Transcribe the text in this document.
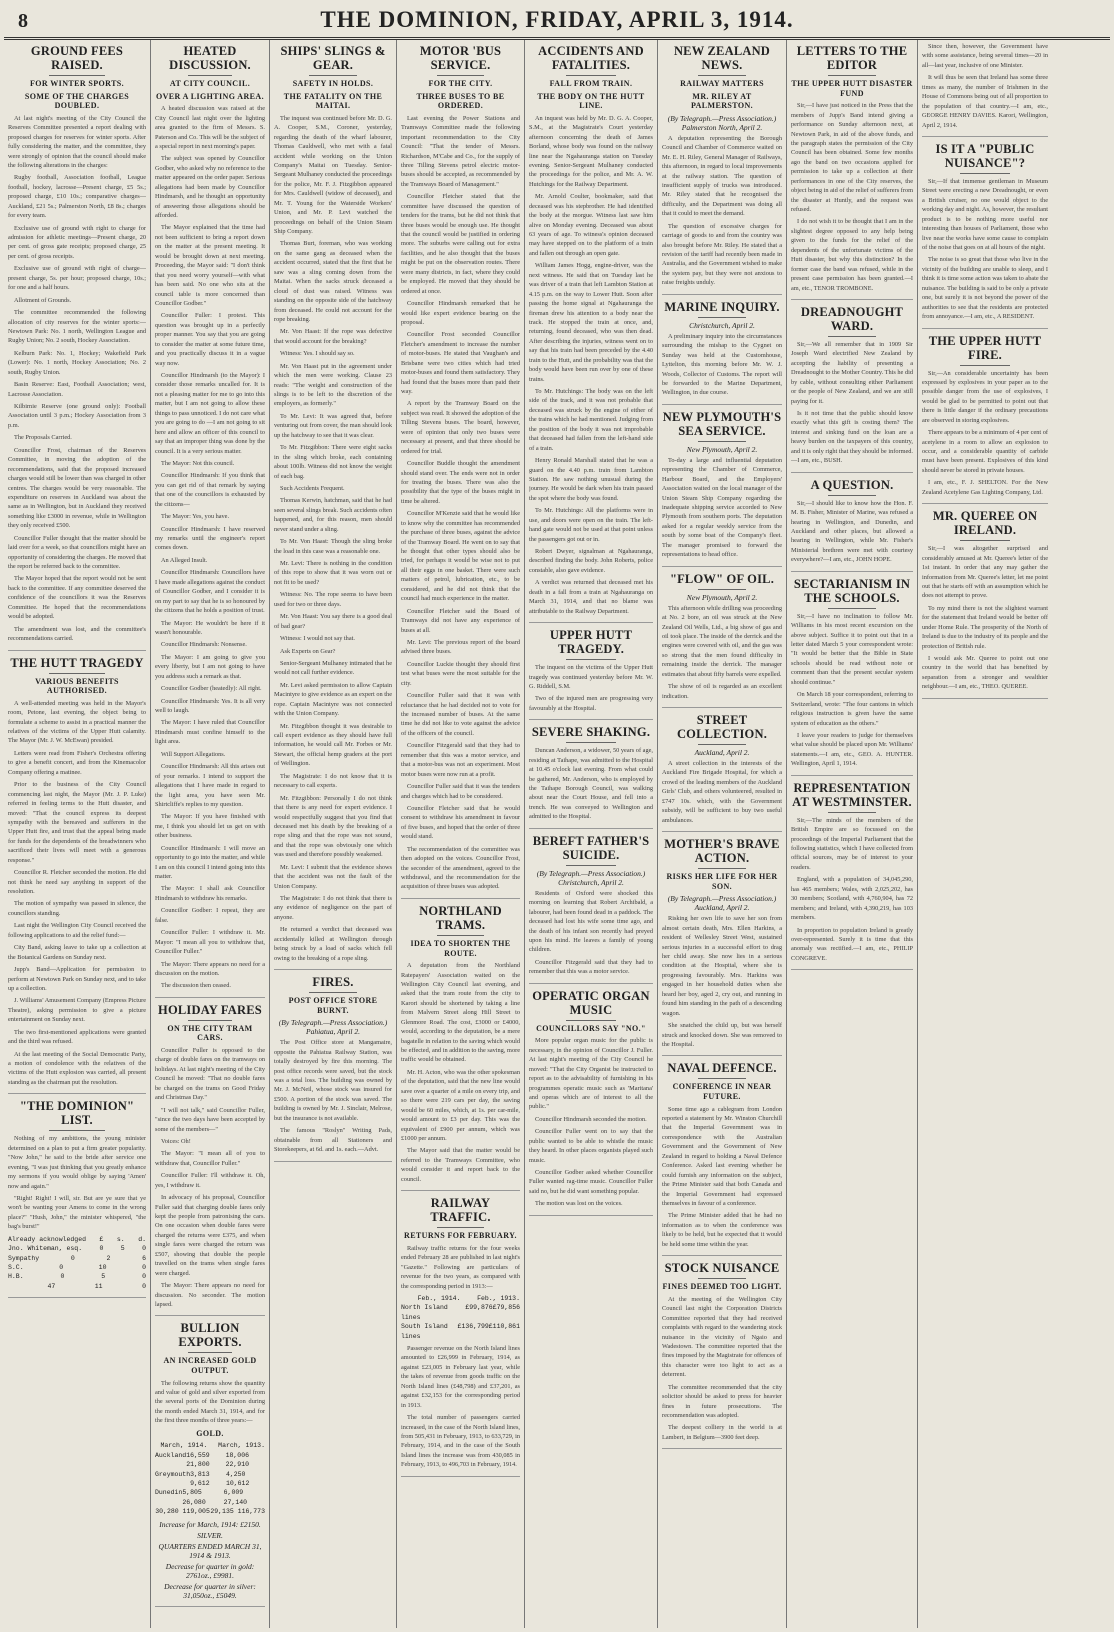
8	THE DOMINION, FRIDAY, APRIL 3, 1914.
GROUND FEES RAISED.
FOR WINTER SPORTS.
SOME OF THE CHARGES DOUBLED.

At last night's meeting of the City Council the Reserves Committee presented a report dealing with proposed charges for reserves for winter sports. After fully considering the matter, and the committee, they were strongly of opinion that the council should make the following alterations in the charges:

Rugby football, Association football, League football, hockey, lacrosse—Present charge, £5 5s.; proposed charge, £10 10s.; comparative charges—Auckland, £21 5s.; Palmerston North, £8 8s.; charges for every team.

Exclusive use of ground with right to charge for admission for athletic meetings—Present charge, 20 per cent. of gross gate receipts; proposed charge, 25 per cent. of gross receipts.

Exclusive use of ground with right of charge—present charge, 5s. per hour; proposed charge, 10s.; for one and a half hours.

Allotment of Grounds.

The committee recommended the following allocation of city reserves for the winter sports:—Newtown Park: No. 1 north, Wellington League and Rugby Union; No. 2 south, Hockey Association.

Kelburn Park: No. 1, Hockey; Wakefield Park (Lower): No. 1 north, Hockey Association; No. 2 south, Rugby Union.

Basin Reserve: East, Football Association; west, Lacrosse Association.

Kilbirnie Reserve (one ground only): Football Association until 3 p.m.; Hockey Association from 3 p.m.

The Proposals Carried.

Councillor Frost, chairman of the Reserves Committee, in moving the adoption of the recommendations, said that the proposed increased charges would still be lower than was charged in other centres. The charges would be very reasonable. The expenditure on reserves in Auckland was about the same as in Wellington, but in Auckland they received something like £3000 in revenue, while in Wellington they only received £500.

Councillor Fuller thought that the matter should be laid over for a week, so that councillors might have an opportunity of considering the charges. He moved that the report be referred back to the committee.

The Mayor hoped that the report would not be sent back to the committee. If any committee deserved the confidence of the councillors it was the Reserves Committee. He hoped that the recommendations would be adopted.

The amendment was lost, and the committee's recommendations carried.

THE HUTT TRAGEDY
VARIOUS BENEFITS AUTHORISED.

A well-attended meeting was held in the Mayor's room, Petone, last evening, the object being to formulate a scheme to assist in a practical manner the relatives of the victims of the Upper Hutt calamity. The Mayor (Mr. J. W. McEwan) presided.

Letters were read from Fisher's Orchestra offering to give a benefit concert, and from the Kinemacolor Company offering a matinee.

Prior to the business of the City Council commencing last night, the Mayor (Mr. J. P. Luke) referred in feeling terms to the Hutt disaster, and moved: "That the council express its deepest sympathy with the bereaved and sufferers in the Upper Hutt fire, and trust that the appeal being made for funds for the dependents of the breadwinners who sacrificed their lives will meet with a generous response."

Councillor R. Fletcher seconded the motion. He did not think he need say anything in support of the resolution.

The motion of sympathy was passed in silence, the councillors standing.

Last night the Wellington City Council received the following applications to aid the relief fund:—

City Band, asking leave to take up a collection at the Botanical Gardens on Sunday next.

Jupp's Band—Application for permission to perform at Newtown Park on Sunday next, and to take up a collection.

J. Williams' Amusement Company (Empress Picture Theatre), asking permission to give a picture entertainment on Sunday next.

The two first-mentioned applications were granted and the third was refused.

At the last meeting of the Social Democratic Party, a motion of condolence with the relatives of the victims of the Hutt explosion was carried, all present standing as the chairman put the resolution.

"THE DOMINION" LIST.

Nothing of my ambitions, the young minister determined on a plan to put a firm greater popularity. "Now John," he said to the bride after service one evening, "I was just thinking that you greatly enhance my sermons if you would oblige by saying 'Amen' now and again."

"Right! Right! I will, sir. But are ye sure that ye won't be wanting your Amens to come in the wrong place?" "Hush, John," the minister whispered, "the bag's burst!"

Already acknowledged £ s. d.
Jno. Whiteman, esq.	0	5	0
Sympathy	0	2	6
S.C.	0	10	0
H.B.	0	5	0
47	11	0
HEATED DISCUSSION.
AT CITY COUNCIL.
OVER A LIGHTING AREA.

A heated discussion was raised at the City Council last night over the lighting area granted to the firm of Messrs. S. Paterson and Co. This will be the subject of a special report in next morning's paper.

The subject was opened by Councillor Godber, who asked why no reference to the matter appeared on the order paper. Serious allegations had been made by Councillor Hindmarsh, and he thought an opportunity of answering those allegations should be afforded.

The Mayor explained that the time had not been sufficient to bring a report down on the matter at the present meeting. It would be brought down at next meeting. Proceeding, the Mayor said: "I don't think that you need worry yourself—with what has been said. No one who sits at the council table is more concerned than Councillor Godber."

Councillor Fuller: I protest. This question was brought up in a perfectly proper manner. You say that you are going to consider the matter at some future time, and you practically discuss it in a vague way now.

Councillor Hindmarsh (to the Mayor): I consider those remarks uncalled for. It is not a pleasing matter for me to go into this matter, but I am not going to allow these things to pass unnoticed. I do not care what you are going to do —I am not going to sit here and allow an officer of this council to say that an improper thing was done by the council. It is a very serious matter.

The Mayor: Not this council.

Councillor Hindmarsh: If you think that you can get rid of that remark by saying that one of the councillors is exhausted by the citizens—

The Mayor: Yes, you have.

Councillor Hindmarsh: I have reserved my remarks until the engineer's report comes down.

An Alleged Insult.

Councillor Hindmarsh: Councillors have I have made allegations against the conduct of Councillor Godber, and I consider it is on my part to say that he is so honoured by the citizens that he holds a position of trust.

The Mayor: He wouldn't be here if it wasn't honourable.

Councillor Hindmarsh: Nonsense.

The Mayor: I am going to give you every liberty, but I am not going to have you address such a remark as that.

Councillor Godber (heatedly): All right.

Councillor Hindmarsh: Yes. It is all very well to laugh.

The Mayor: I have ruled that Councillor Hindmarsh must confine himself to the light area.

Will Support Allegations.

Councillor Hindmarsh: All this arises out of your remarks. I intend to support the allegations that I have made in regard to the light area, you have seen Mr. Shirtcliffe's replies to my question.

The Mayor: If you have finished with me, I think you should let us get on with other business.

Councillor Hindmarsh: I will move an opportunity to go into the matter, and while I am on this council I intend going into this matter.

The Mayor: I shall ask Councillor Hindmarsh to withdraw his remarks.

Councillor Godber: I repeat, they are false.

Councillor Fuller: I withdraw it. Mr. Mayor: "I mean all you to withdraw that, Councillor Fuller."

The Mayor: There appears no need for a discussion on the motion.

The discussion then ceased.

HOLIDAY FARES
ON THE CITY TRAM CARS.

Councillor Fuller is opposed to the charge of double fares on the tramways on holidays. At last night's meeting of the City Council he moved: "That no double fares be charged on the trams on Good Friday and Christmas Day."

"I will not talk," said Councillor Fuller, "since the two days have been accepted by some of the members—"

Voices: Oh!

The Mayor: "I mean all of you to withdraw that, Councillor Fuller."

Councillor Fuller: I'll withdraw it. Oh, yes, I withdraw it.

In advocacy of his proposal, Councillor Fuller said that charging double fares only kept the people from patronising the cars. On one occasion when double fares were charged the returns were £375, and when single fares were charged the return was £507, showing that double the people travelled on the trams when single fares were charged.

The Mayor: There appears no need for discussion. No seconder. The motion lapsed.

BULLION EXPORTS.
AN INCREASED GOLD OUTPUT.

The following returns show the quantity and value of gold and silver exported from the several ports of the Dominion during the month ended March 31, 1914, and for the first three months of three years:—

GOLD.
March, 1914. March, 1913.
Auckland 16,559 21,800
18,006 22,910
Greymouth 3,813 9,612
4,250 10,612
Dunedin 5,805 26,080
6,009 27,140
30,280 119,005 29,135 116,773
Increase for March, 1914: £2150.
SILVER.
QUARTERS ENDED MARCH 31, 1914 & 1913.
Decrease for quarter in gold: 2761oz., £9981.
Decrease for quarter in silver: 31,050oz., £5049.
SHIPS' SLINGS & GEAR.
SAFETY IN HOLDS.
THE FATALITY ON THE MAITAI.

The inquest was continued before Mr. D. G. A. Cooper, S.M., Coroner, yesterday, regarding the death of the wharf labourer, Thomas Cauldwell, who met with a fatal accident while working on the Union Company's Maitai on Tuesday. Senior-Sergeant Mulhaney conducted the proceedings for the police, Mr. F. J. Fitzgibbon appeared for Mrs. Cauldwell (widow of deceased), and Mr. T. Young for the Waterside Workers' Union, and Mr. P. Levi watched the proceedings on behalf of the Union Steam Ship Company.

Thomas Burt, foreman, who was working on the same gang as deceased when the accident occurred, stated that the first that he saw was a sling coming down from the Maitai. When the sacks struck deceased a cloud of dust was raised. Witness was standing on the opposite side of the hatchway from deceased. He could not account for the rope breaking.

Mr. Von Haast: If the rope was defective that would account for the breaking?

Witness: Yes. I should say so.

Mr. Von Haast put in the agreement under which the men were working. Clause 23 reads: "The weight and construction of the slings is to be left to the discretion of the employers, as formerly."

To Mr. Levi: It was agreed that, before venturing out from cover, the man should look up the hatchway to see that it was clear.

To Mr. Fitzgibbon: There were eight sacks in the sling which broke, each containing about 100lb. Witness did not know the weight of each bag.

Such Accidents Frequent.

Thomas Kerwin, hatchman, said that he had seen several slings break. Such accidents often happened, and, for this reason, men should never stand under a sling.

To Mr. Von Haast: Though the sling broke the load in this case was a reasonable one.

Mr. Levi: There is nothing in the condition of this rope to show that it was worn out or not fit to be used?

Witness: No. The rope seems to have been used for two or three days.

Mr. Von Haast: You say there is a good deal of bad gear?

Witness: I would not say that.

Ask Experts on Gear?

Senior-Sergeant Mulhaney intimated that he would not call further evidence.

Mr. Levi asked permission to allow Captain Macintyre to give evidence as an expert on the rope. Captain Macintyre was not connected with the Union Company.

Mr. Fitzgibbon thought it was desirable to call expert evidence as they should have full information, he would call Mr. Forbes or Mr. Stewart, the official hemp graders at the port of Wellington.

The Magistrate: I do not know that it is necessary to call experts.

Mr. Fitzgibbon: Personally I do not think that there is any need for expert evidence. I would respectfully suggest that you find that deceased met his death by the breaking of a rope sling and that the rope was not sound, and that the rope was obviously one which was used and therefore possibly weakened.

Mr. Levi: I submit that the evidence shows that the accident was not the fault of the Union Company.

The Magistrate: I do not think that there is any evidence of negligence on the part of anyone.

He returned a verdict that deceased was accidentally killed at Wellington through being struck by a load of sacks which fell owing to the breaking of a rope sling.

FIRES.
POST OFFICE STORE BURNT.
(By Telegraph.—Press Association.) Pahiatua, April 2.

The Post Office store at Mangamaire, opposite the Pahiatua Railway Station, was totally destroyed by fire this morning. The post office records were saved, but the stock was a total loss. The building was owned by Mr. J. McNeil, whose stock was insured for £500. A portion of the stock was saved. The building is owned by Mr. J. Sinclair, Melrose, but the insurance is not available.

The famous "Roslyn" Writing Pads, obtainable from all Stationers and Storekeepers, at 6d. and 1s. each.—Advt.

MOTOR 'BUS SERVICE.
FOR THE CITY.
THREE BUSES TO BE ORDERED.

Last evening the Power Stations and Tramways Committee made the following important recommendation to the City Council: "That the tender of Messrs. Richardson, M'Cabe and Co., for the supply of three Tilling Stevens petrol electric motor-buses should be accepted, as recommended by the Tramways Board of Management."

Councillor Fletcher stated that the committee have discussed the question of tenders for the trams, but he did not think that three buses would be enough use. He thought that the council would be justified in ordering more. The suburbs were calling out for extra facilities, and he also thought that the buses might be put on the observation routes. There were many districts, in fact, where they could be employed. He moved that they should be ordered at once.

Councillor Hindmarsh remarked that he would like expert evidence bearing on the proposal.

Councillor Frost seconded Councillor Fletcher's amendment to increase the number of motor-buses. He stated that Vaughan's and Brisbane were two cities which had tried motor-buses and found them satisfactory. They had found that the buses more than paid their way.

A report by the Tramway Board on the subject was read. It showed the adoption of the Tilling Stevens buses. The board, however, were of opinion that only two buses were necessary at present, and that three should be ordered for trial.

Councillor Buddle thought the amendment should stand over. The ends were not in order for treating the buses. There was also the possibility that the type of the buses might in time be altered.

Councillor M'Kenzie said that he would like to know why the committee has recommended the purchase of three buses, against the advice of the Tramway Board. He went on to say that he thought that other types should also be tried, for perhaps it would be wise not to put all their eggs in one basket. There were such matters of petrol, lubrication, etc., to be considered, and he did not think that the council had much experience in the matter.

Councillor Fletcher said the Board of Tramways did not have any experience of buses at all.

Mr. Levi: The previous report of the board advised three buses.

Councillor Luckie thought they should first test what buses were the most suitable for the city.

Councillor Fuller said that it was with reluctance that he had decided not to vote for the increased number of buses. At the same time he did not like to vote against the advice of the officers of the council.

Councillor Fitzgerald said that they had to remember that this was a motor service, and that a motor-bus was not an experiment. Most motor buses were now run at a profit.

Councillor Fuller said that it was the tenders and charges which had to be considered.

Councillor Fletcher said that he would consent to withdraw his amendment in favour of five buses, and hoped that the order of three would stand.

The recommendation of the committee was then adopted on the voices. Councillor Frost, the seconder of the amendment, agreed to the withdrawal, and the recommendation for the acquisition of three buses was adopted.

NORTHLAND TRAMS.
IDEA TO SHORTEN THE ROUTE.

A deputation from the Northland Ratepayers' Association waited on the Wellington City Council last evening, and asked that the tram route from the city to Karori should be shortened by taking a line from Malvern Street along Hill Street to Glenmore Road. The cost, £3000 or £4000, would, according to the deputation, be a mere bagatelle in relation to the saving which would be effected, and in addition to the saving, more traffic would be obtained.

Mr. H. Acton, who was the other spokesman of the deputation, said that the new line would save over a quarter of a mile on every trip, and so there were 219 cars per day, the saving would be 60 miles, which, at 1s. per car-mile, would amount to £3 per day. This was the equivalent of £900 per annum, which was £1000 per annum.

The Mayor said that the matter would be referred to the Tramways Committee, who would consider it and report back to the council.

RAILWAY TRAFFIC.
RETURNS FOR FEBRUARY.

Railway traffic returns for the four weeks ended February 28 are published in last night's "Gazette." Following are particulars of revenue for the two years, as compared with the corresponding period in 1913:—

Feb., 1914.	Feb., 1913.
North Island lines
£99,876 £79,856
South Island lines
£136,799 £110,861

Passenger revenue on the North Island lines amounted to £26,999 in February, 1914, as against £23,005 in February last year, while the takes of revenue from goods traffic on the North Island lines (£48,798) and £37,201, as against £32,153 for the corresponding period in 1913.

The total number of passengers carried increased, in the case of the North Island lines, from 505,431 in February, 1913, to 633,729, in February, 1914, and in the case of the South Island lines the increase was from 430,085 in February, 1913, to 496,703 in February, 1914.

ACCIDENTS AND FATALITIES.
FALL FROM TRAIN.
THE BODY ON THE HUTT LINE.

An inquest was held by Mr. D. G. A. Cooper, S.M., at the Magistrate's Court yesterday afternoon concerning the death of James Borland, whose body was found on the railway line near the Ngahauranga station on Tuesday evening. Senior-Sergeant Mulhaney conducted the proceedings for the police, and Mr. A. W. Hutchings for the Railway Department.

Mr. Arnold Coulter, bookmaker, said that deceased was his stepbrother. He had identified the body at the morgue. Witness last saw him alive on Monday evening. Deceased was about 63 years of age. To witness's opinion deceased may have stepped on to the platform of a train and fallen out through an open gate.

William James Hogg, engine-driver, was the next witness. He said that on Tuesday last he was driver of a train that left Lambton Station at 4.15 p.m. on the way to Lower Hutt. Soon after passing the home signal at Ngahauranga the fireman drew his attention to a body near the track. He stopped the train at once, and, returning, found deceased, who was then dead. After describing the injuries, witness went on to say that his train had been preceded by the 4.40 train to the Hutt, and the probability was that the body would have been run over by one of these trains.

To Mr. Hutchings: The body was on the left side of the track, and it was not probable that deceased was struck by the engine of either of the trains which he had mentioned. Judging from the position of the body it was not improbable that deceased had fallen from the left-hand side of a train.

Henry Ronald Marshall stated that he was a guard on the 4.40 p.m. train from Lambton Station. He saw nothing unusual during the journey. He would be dark when his train passed the spot where the body was found.

To Mr. Hutchings: All the platforms were in use, and doors were open on the train. The left-hand gate would not be used at that point unless the passengers got out or in.

Robert Dwyer, signalman at Ngahauranga, described finding the body. John Roberts, police constable, also gave evidence.

A verdict was returned that deceased met his death in a fall from a train at Ngahauranga on March 31, 1914, and that no blame was attributable to the Railway Department.

UPPER HUTT TRAGEDY.

The inquest on the victims of the Upper Hutt tragedy was continued yesterday before Mr. W. G. Riddell, S.M.

Two of the injured men are progressing very favourably at the Hospital.

SEVERE SHAKING.

Duncan Anderson, a widower, 50 years of age, residing at Taihape, was admitted to the Hospital at 10.45 o'clock last evening. From what could be gathered, Mr. Anderson, who is employed by the Taihape Borough Council, was walking about near the Court House, and fell into a trench. He was conveyed to Wellington and admitted to the Hospital.

BEREFT FATHER'S SUICIDE.
(By Telegraph.—Press Association.) Christchurch, April 2.

Residents of Oxford were shocked this morning on learning that Robert Archibald, a labourer, had been found dead in a paddock. The deceased had lost his wife some time ago, and the death of his infant son recently had preyed upon his mind. He leaves a family of young children.

Councillor Fitzgerald said that they had to remember that this was a motor service.

OPERATIC ORGAN MUSIC
COUNCILLORS SAY "NO."

More popular organ music for the public is necessary, in the opinion of Councillor J. Fuller. At last night's meeting of the City Council he moved: "That the City Organist be instructed to report as to the advisability of furnishing in his programmes operatic music such as 'Maritana' and operas which are of interest to all the public."

Councillor Hindmarsh seconded the motion.

Councillor Fuller went on to say that the public wanted to be able to whistle the music they heard. In other places organists played such music.

Councillor Godber asked whether Councillor Fuller wanted rag-time music. Councillor Fuller said no, but he did want something popular.

The motion was lost on the voices.

NEW ZEALAND NEWS.
RAILWAY MATTERS
MR. RILEY AT PALMERSTON.
(By Telegraph.—Press Association.) Palmerston North, April 2.

A deputation representing the Borough Council and Chamber of Commerce waited on Mr. E. H. Riley, General Manager of Railways, this afternoon, in regard to local improvements at the railway station. The question of insufficient supply of trucks was introduced. Mr. Riley stated that he recognised the difficulty, and the Department was doing all that it could to meet the demand.

The question of excessive charges for carriage of goods to and from the country was also brought before Mr. Riley. He stated that a revision of the tariff had recently been made in Australia, and the Government wished to make the system pay, but they were not anxious to raise freights unduly.

MARINE INQUIRY.
Christchurch, April 2.

A preliminary inquiry into the circumstances surrounding the mishap to the Cygnet on Sunday was held at the Customhouse, Lyttelton, this morning before Mr. W. J. Woods, Collector of Customs. The report will be forwarded to the Marine Department, Wellington, in due course.

NEW PLYMOUTH'S SEA SERVICE.
New Plymouth, April 2.

To-day a large and influential deputation representing the Chamber of Commerce, Harbour Board, and the Employers' Association waited on the local manager of the Union Steam Ship Company regarding the inadequate shipping service accorded to New Plymouth from southern ports. The deputation asked for a regular weekly service from the south by some boat of the Company's fleet. The manager promised to forward the representations to head office.

"FLOW" OF OIL.
New Plymouth, April 2.

This afternoon while drilling was proceeding at No. 2 bore, an oil was struck at the New Zealand Oil Wells, Ltd., a big show of gas and oil took place. The inside of the derrick and the engines were covered with oil, and the gas was so strong that the men found difficulty in remaining inside the derrick. The manager estimates that about fifty barrels were expelled.

The show of oil is regarded as an excellent indication.

STREET COLLECTION.
Auckland, April 2.

A street collection in the interests of the Auckland Fire Brigade Hospital, for which a crowd of the leading members of the Auckland Girls' Club, and others volunteered, resulted in £747 10s. which, with the Government subsidy, will be sufficient to buy two useful ambulances.

MOTHER'S BRAVE ACTION.
RISKS HER LIFE FOR HER SON.
(By Telegraph.—Press Association.) Auckland, April 2.

Risking her own life to save her son from almost certain death, Mrs. Ellen Harkins, a resident of Wellesley Street West, sustained serious injuries in a successful effort to drag her child away. She now lies in a serious condition at the Hospital, where she is progressing favourably. Mrs. Harkins was engaged in her household duties when she heard her boy, aged 2, cry out, and running in found him standing in the path of a descending wagon.

She snatched the child up, but was herself struck and knocked down. She was removed to the Hospital.

NAVAL DEFENCE.
CONFERENCE IN NEAR FUTURE.

Some time ago a cablegram from London reported a statement by Mr. Winston Churchill that the Imperial Government was in correspondence with the Australian Government and the Government of New Zealand in regard to holding a Naval Defence Conference. Asked last evening whether he could furnish any information on the subject, the Prime Minister said that both Canada and the Imperial Government had expressed themselves in favour of a conference.

The Prime Minister added that he had no information as to when the conference was likely to be held, but he expected that it would be held some time within the year.

STOCK NUISANCE
FINES DEEMED TOO LIGHT.

At the meeting of the Wellington City Council last night the Corporation Districts Committee reported that they had received complaints with regard to the wandering stock nuisance in the vicinity of Ngaio and Wadestown. The committee reported that the fines imposed by the Magistrate for offences of this character were too light to act as a deterrent.

The committee recommended that the city solicitor should be asked to press for heavier fines in future prosecutions. The recommendation was adopted.

The deepest colliery in the world is at Lambert, in Belgium—3900 feet deep.

LETTERS TO THE EDITOR
THE UPPER HUTT DISASTER FUND

Sir,—I have just noticed in the Press that the members of Jupp's Band intend giving a performance on Sunday afternoon next, at Newtown Park, in aid of the above funds, and the paragraph states the permission of the City Council has been obtained. Some few months ago the band on two occasions applied for permission to take up a collection at their performances in one of the City reserves, the object being in aid of the relief of sufferers from the disaster at Huntly, and the request was refused.

I do not wish it to be thought that I am in the slightest degree opposed to any help being given to the funds for the relief of the dependents of the unfortunate victims of the Hutt disaster, but why this distinction? In the former case the band was refused, while in the present case permission has been granted.—I am, etc., TENOR TROMBONE.

DREADNOUGHT WARD.

Sir,—We all remember that in 1909 Sir Joseph Ward electrified New Zealand by accepting the liability of presenting a Dreadnought to the Mother Country. This he did by cable, without consulting either Parliament or the people of New Zealand, and we are still paying for it.

Is it not time that the public should know exactly what this gift is costing them? The interest and sinking fund on the loan are a heavy burden on the taxpayers of this country, and it is only right that they should be informed.—I am, etc., BUSH.

A QUESTION.

Sir,—I should like to know how the Hon. F. M. B. Fisher, Minister of Marine, was refused a hearing in Wellington, and Dunedin, and Auckland and other places, but allowed a hearing in Wellington, while Mr. Fisher's Ministerial brethren were met with courtesy everywhere?—I am, etc., JOHN HOPE.

SECTARIANISM IN THE SCHOOLS.

Sir,—I have no inclination to follow Mr. Williams in his most recent excursion on the above subject. Suffice it to point out that in a letter dated March 5 your correspondent wrote: "It would be better that the Bible in State schools should be read without note or comment than that the present secular system should continue."

On March 18 your correspondent, referring to Switzerland, wrote: "The four cantons in which religious instruction is given have the same system of education as the others."

I leave your readers to judge for themselves what value should be placed upon Mr. Williams' statements.—I am, etc., GEO. A. HUNTER. Wellington, April 1, 1914.

REPRESENTATION AT WESTMINSTER.

Sir,—The minds of the members of the British Empire are so focussed on the proceedings of the Imperial Parliament that the following statistics, which I have collected from official sources, may be of interest to your readers.

England, with a population of 34,045,290, has 465 members; Wales, with 2,025,202, has 30 members; Scotland, with 4,760,904, has 72 members; and Ireland, with 4,390,219, has 103 members.

In proportion to population Ireland is greatly over-represented. Surely it is time that this anomaly was rectified.—I am, etc., PHILIP CONGREVE.

Since then, however, the Government have with some assistance, being several times—20 in all—last year, inclusive of one Minister.

It will thus be seen that Ireland has some three times as many, the number of Irishmen in the House of Commons being out of all proportion to the population of that country.—I am, etc., GEORGE HENRY DAVIES. Karori, Wellington, April 2, 1914.

IS IT A "PUBLIC NUISANCE"?

Sir,—If that immense gentleman in Museum Street were erecting a new Dreadnought, or even a British cruiser, no one would object to the working day and night. As, however, the resultant product is to be nothing more useful nor interesting than houses of Parliament, those who live near the works have some cause to complain of the noise that goes on at all hours of the night.

The noise is so great that those who live in the vicinity of the building are unable to sleep, and I think it is time some action was taken to abate the nuisance. The building is said to be only a private one, but surely it is not beyond the power of the authorities to see that the residents are protected from annoyance.—I am, etc., A RESIDENT.

THE UPPER HUTT FIRE.

Sir,—An considerable uncertainty has been expressed by explosives in your paper as to the possible danger from the use of explosives, I would be glad to be permitted to point out that there is little danger if the ordinary precautions are observed in storing explosives.

There appears to be a minimum of 4 per cent of acetylene in a room to allow an explosion to occur, and a considerable quantity of carbide must have been present. Explosives of this kind should never be stored in private houses.

I am, etc., F. J. SHELTON. For the New Zealand Acetylene Gas Lighting Company, Ltd.

MR. QUEREE ON IRELAND.

Sir,—I was altogether surprised and considerably amused at Mr. Queree's letter of the 1st instant. In order that any may gather the information from Mr. Queree's letter, let me point out that he starts off with an assumption which he does not attempt to prove.

To my mind there is not the slightest warrant for the statement that Ireland would be better off under Home Rule. The prosperity of the North of Ireland is due to the industry of its people and the protection of British rule.

I would ask Mr. Queree to point out one country in the world that has benefited by separation from a stronger and wealthier neighbour.—I am, etc., THEO. QUEREE.
